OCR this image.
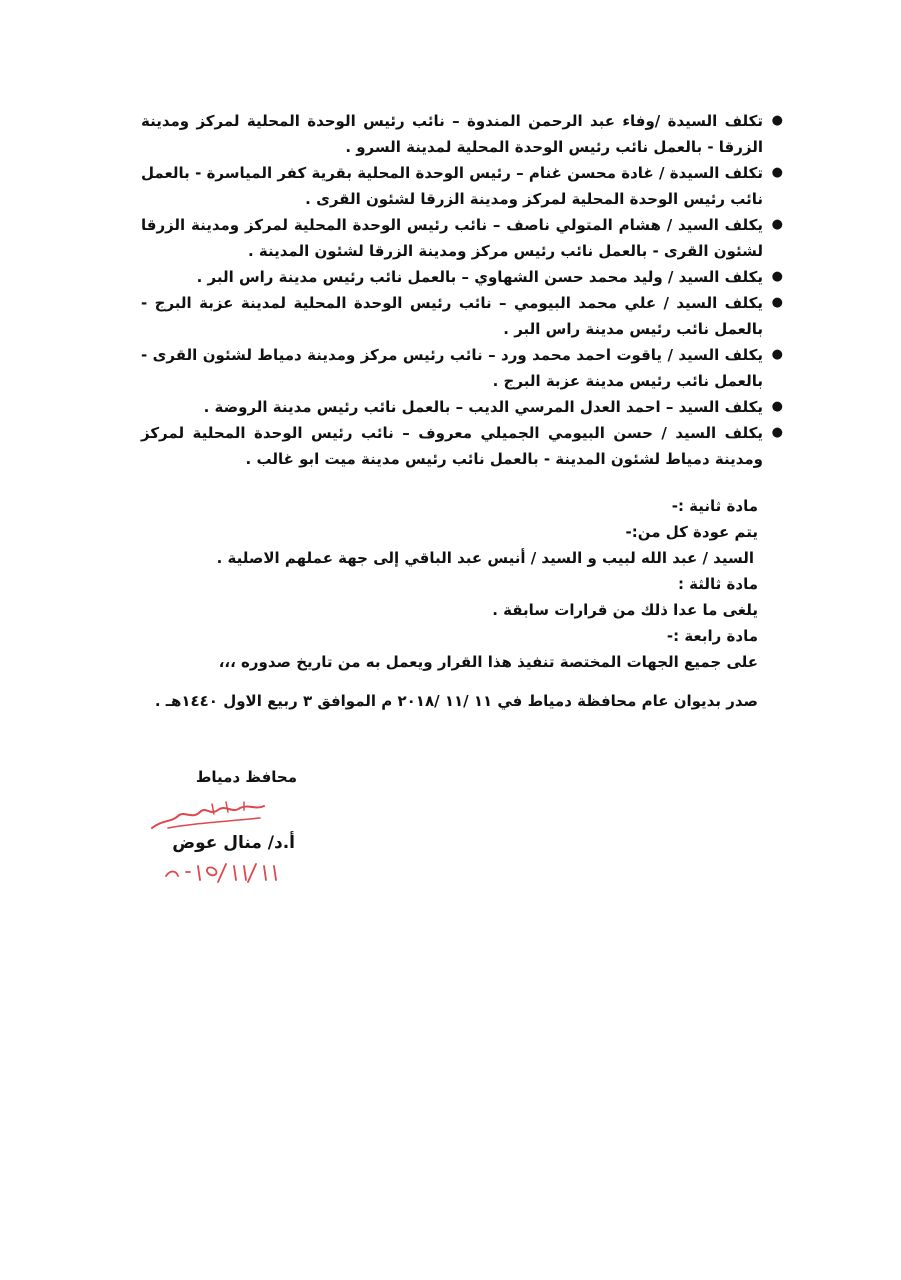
●
تكلف السيدة /وفاء عبد الرحمن المندوة – نائب رئيس الوحدة المحلية لمركز ومدينة الزرقا - بالعمل نائب رئيس الوحدة المحلية لمدينة السرو .
●
تكلف السيدة / غادة محسن غنام – رئيس الوحدة المحلية بقرية كفر المياسرة - بالعمل نائب رئيس الوحدة المحلية لمركز ومدينة الزرقا لشئون القرى .
●
يكلف السيد / هشام المتولي ناصف – نائب رئيس الوحدة المحلية لمركز ومدينة الزرقا لشئون القرى - بالعمل نائب رئيس مركز ومدينة الزرقا لشئون المدينة .
●
يكلف السيد / وليد محمد حسن الشهاوي – بالعمل نائب رئيس مدينة راس البر .
●
يكلف السيد / علي محمد البيومي – نائب رئيس الوحدة المحلية لمدينة عزبة البرج - بالعمل نائب رئيس مدينة راس البر .
●
يكلف السيد / ياقوت احمد محمد ورد – نائب رئيس مركز ومدينة دمياط لشئون القرى - بالعمل نائب رئيس مدينة عزبة البرج .
●
يكلف السيد – احمد العدل المرسي الديب – بالعمل نائب رئيس مدينة الروضة .
●
يكلف السيد / حسن البيومي الجميلي معروف – نائب رئيس الوحدة المحلية لمركز ومدينة دمياط لشئون المدينة - بالعمل نائب رئيس مدينة ميت ابو غالب .
مادة ثانية :-
يتم عودة كل من:-
السيد / عبد الله لبيب و السيد / أنيس عبد الباقي إلى جهة عملهم الاصلية .
مادة ثالثة :
يلغى ما عدا ذلك من قرارات سابقة .
مادة رابعة :-
على جميع الجهات المختصة تنفيذ هذا القرار ويعمل به من تاريخ صدوره ،،،
صدر بديوان عام محافظة دمياط في ١١ /١١ /٢٠١٨ م الموافق ٣ ربيع الاول ١٤٤٠هـ .
محافظ دمياط
أ.د/ منال عوض
